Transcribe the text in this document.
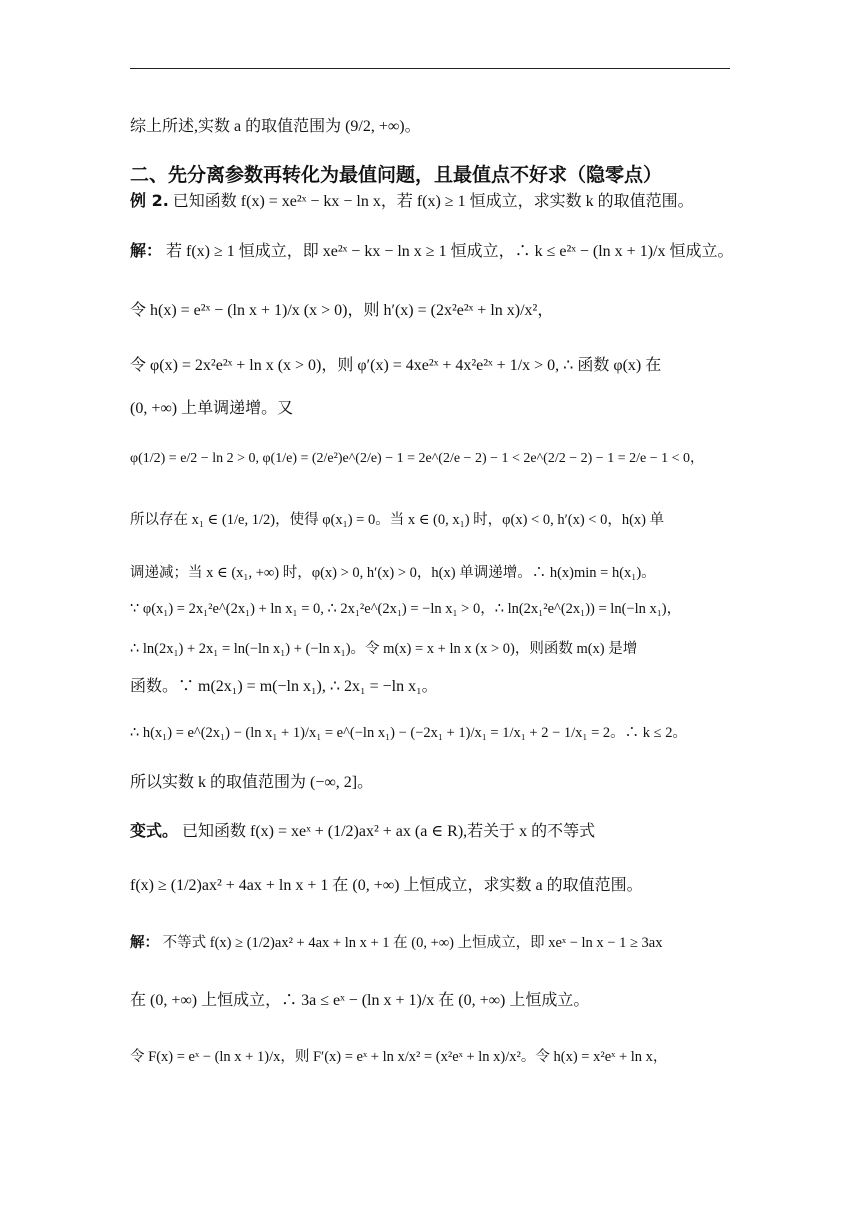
综上所述,实数 a 的取值范围为 (9/2, +∞)。
二、先分离参数再转化为最值问题，且最值点不好求（隐零点）
例 2. 已知函数 f(x) = xe²ˣ − kx − ln x，若 f(x) ≥ 1 恒成立，求实数 k 的取值范围。
解： 若 f(x) ≥ 1 恒成立，即 xe²ˣ − kx − ln x ≥ 1 恒成立，∴ k ≤ e²ˣ − (ln x + 1)/x 恒成立。
令 h(x) = e²ˣ − (ln x + 1)/x (x > 0)，则 h′(x) = (2x²e²ˣ + ln x)/x²，
令 φ(x) = 2x²e²ˣ + ln x (x > 0)，则 φ′(x) = 4xe²ˣ + 4x²e²ˣ + 1/x > 0, ∴ 函数 φ(x) 在
(0, +∞) 上单调递增。又
φ(1/2) = e/2 − ln 2 > 0, φ(1/e) = (2/e²)e^(2/e) − 1 = 2e^(2/e − 2) − 1 < 2e^(2/2 − 2) − 1 = 2/e − 1 < 0，
所以存在 x₁ ∈ (1/e, 1/2)，使得 φ(x₁) = 0。当 x ∈ (0, x₁) 时，φ(x) < 0, h′(x) < 0，h(x) 单
调递减；当 x ∈ (x₁, +∞) 时，φ(x) > 0, h′(x) > 0，h(x) 单调递增。∴ h(x)min = h(x₁)。
∵ φ(x₁) = 2x₁²e^(2x₁) + ln x₁ = 0, ∴ 2x₁²e^(2x₁) = −ln x₁ > 0，∴ ln(2x₁²e^(2x₁)) = ln(−ln x₁)，
∴ ln(2x₁) + 2x₁ = ln(−ln x₁) + (−ln x₁)。令 m(x) = x + ln x (x > 0)，则函数 m(x) 是增
函数。∵ m(2x₁) = m(−ln x₁), ∴ 2x₁ = −ln x₁。
∴ h(x₁) = e^(2x₁) − (ln x₁ + 1)/x₁ = e^(−ln x₁) − (−2x₁ + 1)/x₁ = 1/x₁ + 2 − 1/x₁ = 2。∴ k ≤ 2。
所以实数 k 的取值范围为 (−∞, 2]。
变式。 已知函数 f(x) = xeˣ + (1/2)ax² + ax (a ∈ R),若关于 x 的不等式
f(x) ≥ (1/2)ax² + 4ax + ln x + 1 在 (0, +∞) 上恒成立，求实数 a 的取值范围。
解： 不等式 f(x) ≥ (1/2)ax² + 4ax + ln x + 1 在 (0, +∞) 上恒成立，即 xeˣ − ln x − 1 ≥ 3ax
在 (0, +∞) 上恒成立，∴ 3a ≤ eˣ − (ln x + 1)/x 在 (0, +∞) 上恒成立。
令 F(x) = eˣ − (ln x + 1)/x，则 F′(x) = eˣ + ln x/x² = (x²eˣ + ln x)/x²。令 h(x) = x²eˣ + ln x，
